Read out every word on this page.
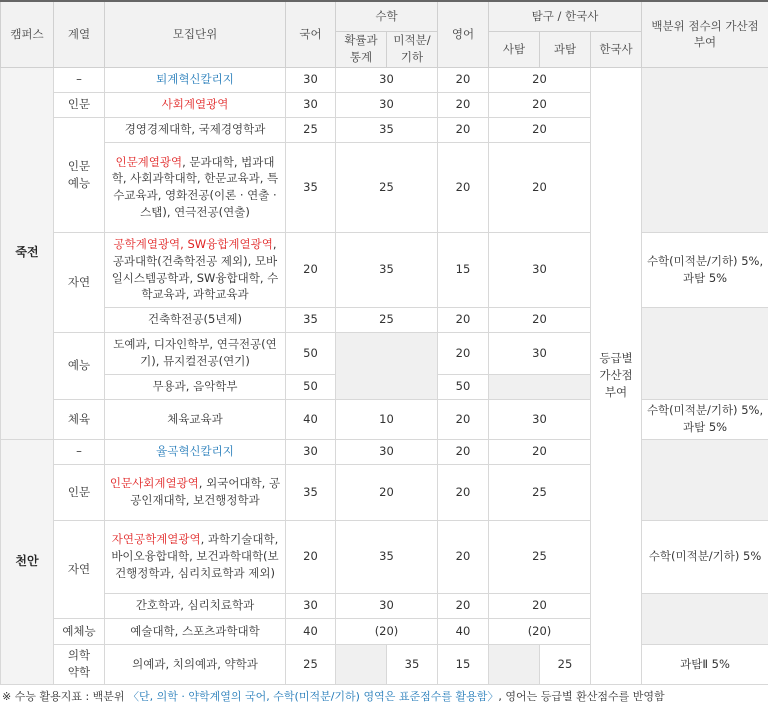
캠퍼스	계열	모집단위	국어	수학		영어	탐구 / 한국사			백분위 점수의 가산점 부여
				확률과 통계	미적분/ 기하		사탐	과탐	한국사	
죽전	–	퇴계혁신칼리지	30	30		20	20		등급별 가산점 부여	
	인문	사회계열광역	30	30		20	20			
	인문 예능	경영경제대학, 국제경영학과	25	35		20	20			
		인문계열광역, 문과대학, 법과대학, 사회과학대학, 한문교육과, 특수교육과, 영화전공(이론 · 연출 · 스탭), 연극전공(연출)	35	25		20	20			
	자연	공학계열광역, SW융합계열광역, 공과대학(건축학전공 제외), 모바일시스템공학과, SW융합대학, 수학교육과, 과학교육과	20	35		15	30			수학(미적분/기하) 5%, 과탐 5%
		건축학전공(5년제)	35	25		20	20			
	예능	도예과, 디자인학부, 연극전공(연기), 뮤지컬전공(연기)	50			20	30			
		무용과, 음악학부	50			50				
	체육	체육교육과	40	10		20	30			수학(미적분/기하) 5%, 과탐 5%
천안	–	율곡혁신칼리지	30	30		20	20			
	인문	인문사회계열광역, 외국어대학, 공공인재대학, 보건행정학과	35	20		20	25			
	자연	자연공학계열광역, 과학기술대학, 바이오융합대학, 보건과학대학(보건행정학과, 심리치료학과 제외)	20	35		20	25			수학(미적분/기하) 5%
		간호학과, 심리치료학과	30	30		20	20			
	예체능	예술대학, 스포츠과학대학	40	(20)		40	(20)			
	의학 약학	의예과, 치의예과, 약학과	25		35	15		25		과탐Ⅱ 5%
※ 수능 활용지표 : 백분위 〈단, 의학 · 약학계열의 국어, 수학(미적분/기하) 영역은 표준점수를 활용함〉, 영어는 등급별 환산점수를 반영함
